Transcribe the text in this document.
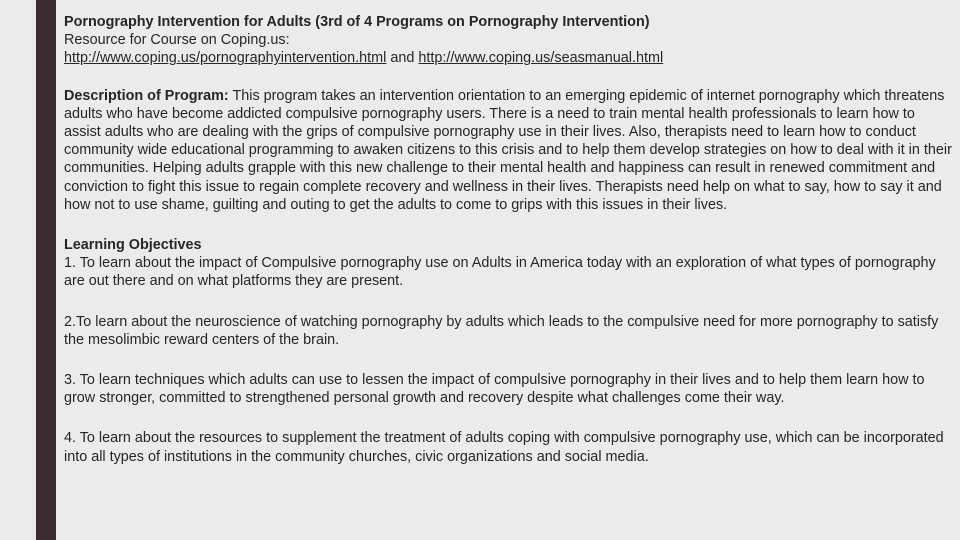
Pornography Intervention for Adults (3rd of 4 Programs on Pornography Intervention)
Resource for Course on Coping.us:
http://www.coping.us/pornographyintervention.html and http://www.coping.us/seasmanual.html
Description of Program: This program takes an intervention orientation to an emerging epidemic of internet pornography which threatens adults who have become addicted compulsive pornography users. There is a need to train mental health professionals to learn how to assist adults who are dealing with the grips of compulsive pornography use in their lives. Also, therapists need to learn how to conduct community wide educational programming to awaken citizens to this crisis and to help them develop strategies on how to deal with it in their communities. Helping adults grapple with this new challenge to their mental health and happiness can result in renewed commitment and conviction to fight this issue to regain complete recovery and wellness in their lives. Therapists need help on what to say, how to say it and how not to use shame, guilting and outing to get the adults to come to grips with this issues in their lives.
Learning Objectives
1. To learn about the impact of Compulsive pornography use on Adults in America today with an exploration of what types of pornography are out there and on what platforms they are present.
2.To learn about the neuroscience of watching pornography by adults which leads to the compulsive need for more pornography to satisfy the mesolimbic reward centers of the brain.
3. To learn techniques which adults can use to lessen the impact of compulsive pornography in their lives and to help them learn how to grow stronger, committed to strengthened personal growth and recovery despite what challenges come their way.
4. To learn about the resources to supplement the treatment of adults coping with compulsive pornography use, which can be incorporated into all types of institutions in the community churches, civic organizations and social media.
